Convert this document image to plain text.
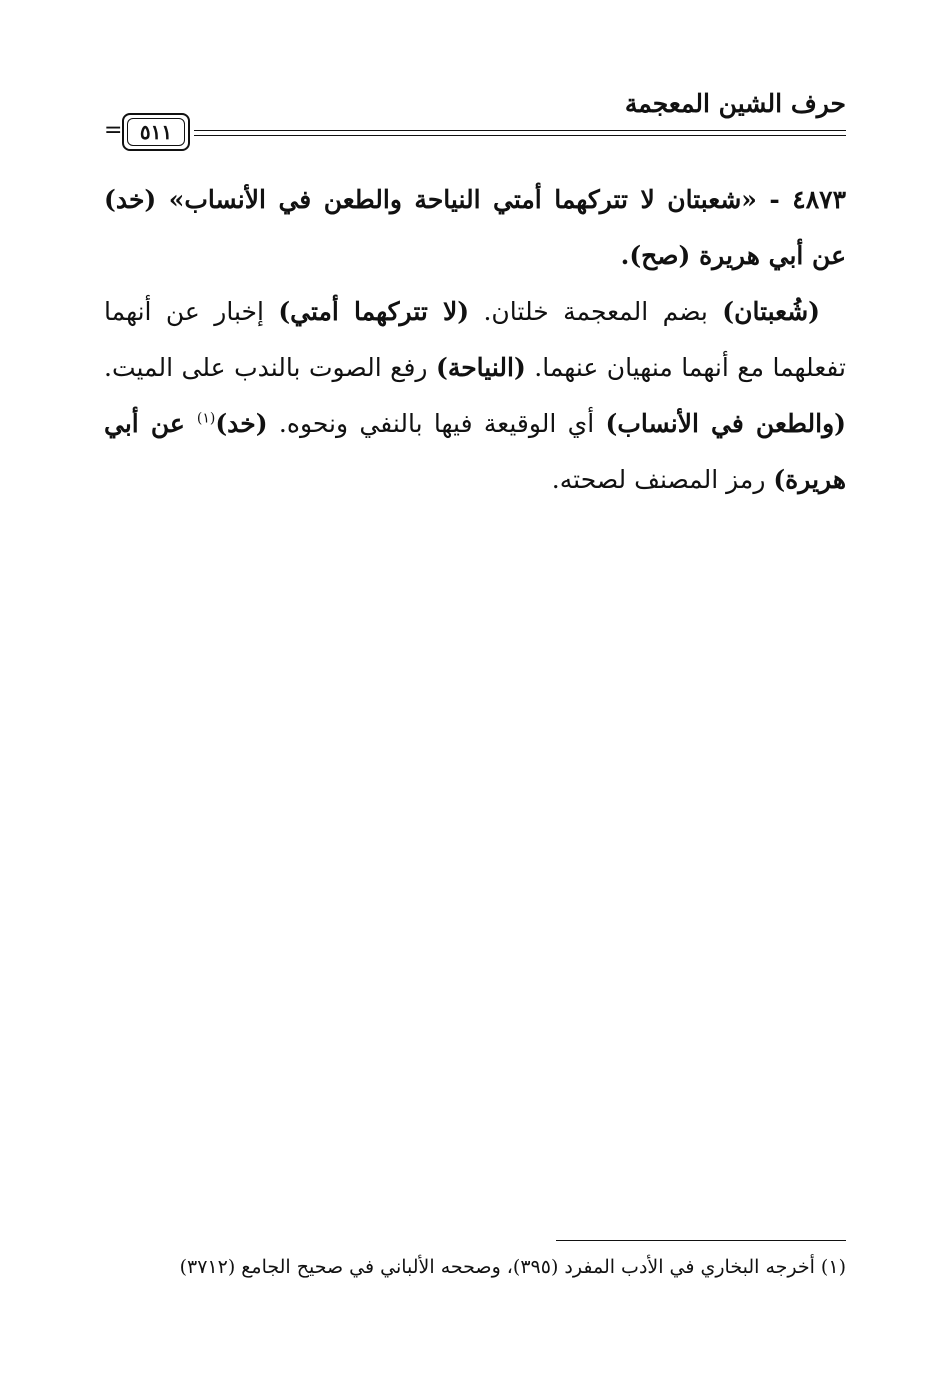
حرف الشين المعجمة
٥١١
=

٤٨٧٣ - «شعبتان لا تتركهما أمتي النياحة والطعن في الأنساب» (خد) عن أبي هريرة (صح).

(شُعبتان) بضم المعجمة خلتان. (لا تتركهما أمتي) إخبار عن أنهما تفعلهما مع أنهما منهيان عنهما. (النياحة) رفع الصوت بالندب على الميت. (والطعن في الأنساب) أي الوقيعة فيها بالنفي ونحوه. (خد)$^{(١)}$ عن أبي هريرة) رمز المصنف لصحته.

(١) أخرجه البخاري في الأدب المفرد (٣٩٥)، وصححه الألباني في صحيح الجامع (٣٧١٢)
